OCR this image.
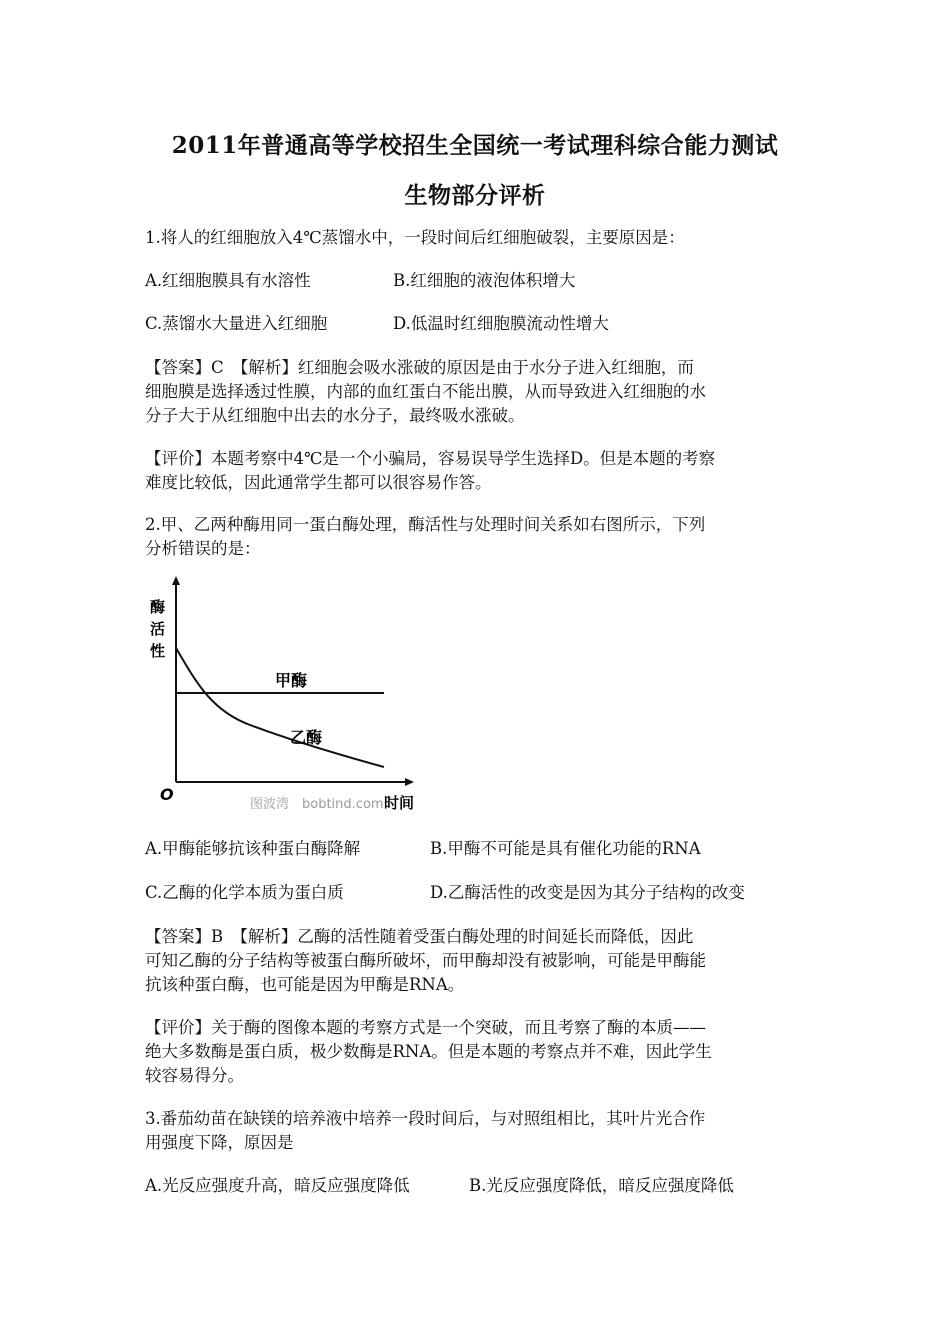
2011年普通高等学校招生全国统一考试理科综合能力测试
生物部分评析
1.将人的红细胞放入4℃蒸馏水中，一段时间后红细胞破裂，主要原因是：
A.红细胞膜具有水溶性	B.红细胞的液泡体积增大
C.蒸馏水大量进入红细胞	D.低温时红细胞膜流动性增大
【答案】C　【解析】红细胞会吸水涨破的原因是由于水分子进入红细胞，而
细胞膜是选择透过性膜，内部的血红蛋白不能出膜，从而导致进入红细胞的水
分子大于从红细胞中出去的水分子，最终吸水涨破。
【评价】本题考察中4℃是一个小骗局，容易误导学生选择D。但是本题的考察
难度比较低，因此通常学生都可以很容易作答。
2.甲、乙两种酶用同一蛋白酶处理，酶活性与处理时间关系如右图所示，下列
分析错误的是：
酶
活
性
甲酶
乙酶
O	时间
图波湾　bobtind.com
A.甲酶能够抗该种蛋白酶降解	B.甲酶不可能是具有催化功能的RNA
C.乙酶的化学本质为蛋白质	D.乙酶活性的改变是因为其分子结构的改变
【答案】B　【解析】乙酶的活性随着受蛋白酶处理的时间延长而降低，因此
可知乙酶的分子结构等被蛋白酶所破坏，而甲酶却没有被影响，可能是甲酶能
抗该种蛋白酶，也可能是因为甲酶是RNA。
【评价】关于酶的图像本题的考察方式是一个突破，而且考察了酶的本质——
绝大多数酶是蛋白质，极少数酶是RNA。但是本题的考察点并不难，因此学生
较容易得分。
3.番茄幼苗在缺镁的培养液中培养一段时间后，与对照组相比，其叶片光合作
用强度下降，原因是
A.光反应强度升高，暗反应强度降低	B.光反应强度降低，暗反应强度降低
